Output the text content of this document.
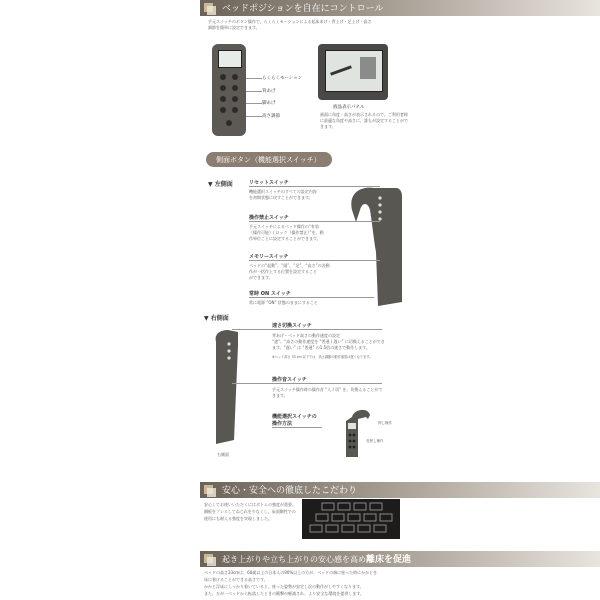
ベッドポジションを自在にコントロール
手元スイッチのボタン操作で、らくらくモーションによる起床あげ・背上げ・足上げ・高さ
調節を簡単に設定できます。
らくらくモーション
背あげ
脚あげ
高さ調節
液晶表示パネル
画面に角度・高さが表示されるので、ご利用者様
に最適な角度や高さに、誰もが設定することがで
きます。
側面ボタン（機能選択スイッチ）
▼ 左側面	リセットスイッチ
機能選択スイッチのすべての設定内容
を初期状態に戻すことができます。
操作禁止スイッチ
手元スイッチによるベッド操作の“有効
（操作可能）/ ロック（操作禁止）”を、動
作単位ごとに設定することができます。
メモリースイッチ
ベッドの“起動”、“頭”、“足”、“高さ”の各動
作が一括作上する位置を設定すること
ができます。
常時 ON スイッチ
常に電源 “ON” 状態のままにすること
▼ 右側面
右側面
速さ切換スイッチ
背あげ・ベッド高さの動作速度の設定
“速”、“高さの動作速度を “普通 / 遅い” に切換えることができ
ます。“遅い” は “普通” の1.5倍の速さで動作します。
※ベッド高さ 33 cm 以下では、高さ調節の動作速度は遅くなります。
操作音スイッチ
手元スイッチ操作時の操作音 “入 / 切” を、切換えることがで
きます。
機能選択スイッチの
操作方法	押し操作
長押し操作
安心・安全への徹底したこだわり
安心してお使いいただくにはボトムの強度が重要。
鋼板をプレスしてねじれを少なくし、床面剛性での
使用にも耐える強度を実現しました。
起き上がりや立ち上がりの安心感を高め離床を促進
ベッドの高さ33cmは、60歳以上の日本人の90%以上の方が、ベッドの端に座った時にかかとを
床に着けることができる高さです。
かかと浮床にしっかり着いていると、座った姿勢が安定し次の動作がしやすくなります。
また、万が一ベッドから転落したときの衝撃が軽減され、より安全な環境を提供します。
